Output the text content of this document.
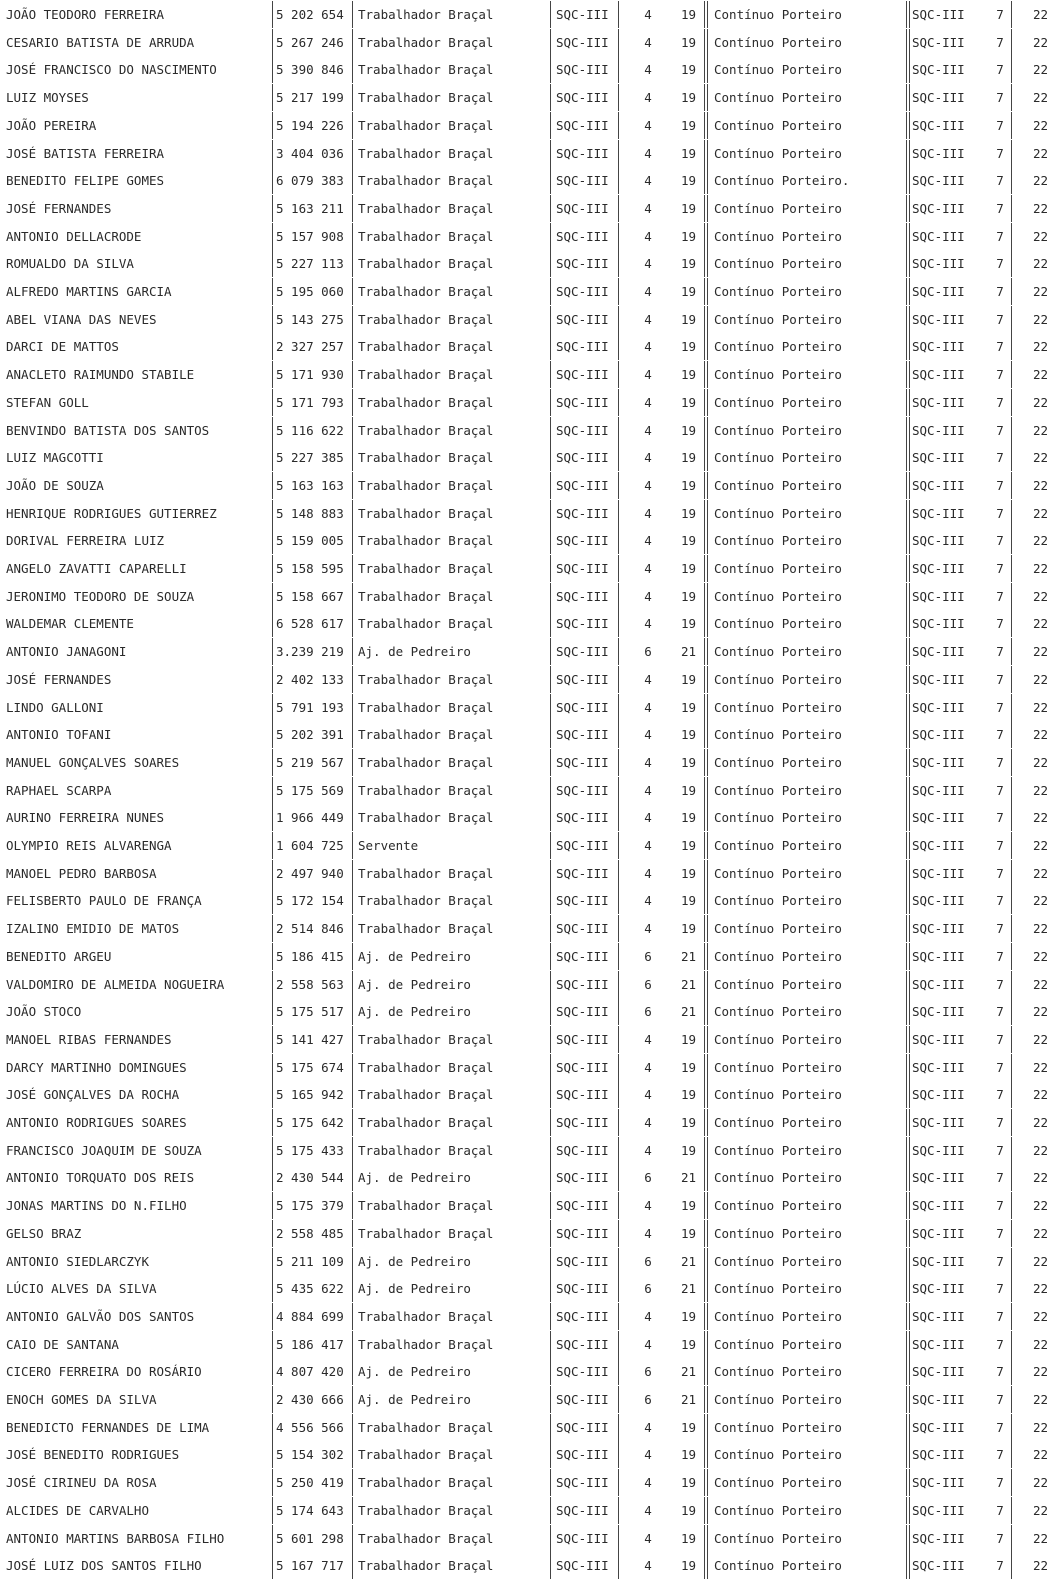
JOÃO TEODORO FERREIRA	5 202 654 Trabalhador Braçal	SQC-III	4	19 Contínuo Porteiro	SQC-III	7	22
CESARIO BATISTA DE ARRUDA	5 267 246 Trabalhador Braçal	SQC-III	4	19 Contínuo Porteiro	SQC-III	7	22
JOSÉ FRANCISCO DO NASCIMENTO	5 390 846 Trabalhador Braçal	SQC-III	4	19 Contínuo Porteiro	SQC-III	7	22
LUIZ MOYSES	5 217 199 Trabalhador Braçal	SQC-III	4	19 Contínuo Porteiro	SQC-III	7	22
JOÃO PEREIRA	5 194 226 Trabalhador Braçal	SQC-III	4	19 Contínuo Porteiro	SQC-III	7	22
JOSÉ BATISTA FERREIRA	3 404 036 Trabalhador Braçal	SQC-III	4	19 Contínuo Porteiro	SQC-III	7	22
BENEDITO FELIPE GOMES	6 079 383 Trabalhador Braçal	SQC-III	4	19 Contínuo Porteiro.	SQC-III	7	22
JOSÉ FERNANDES	5 163 211 Trabalhador Braçal	SQC-III	4	19 Contínuo Porteiro	SQC-III	7	22
ANTONIO DELLACRODE	5 157 908 Trabalhador Braçal	SQC-III	4	19 Contínuo Porteiro	SQC-III	7	22
ROMUALDO DA SILVA	5 227 113 Trabalhador Braçal	SQC-III	4	19 Contínuo Porteiro	SQC-III	7	22
ALFREDO MARTINS GARCIA	5 195 060 Trabalhador Braçal	SQC-III	4	19 Contínuo Porteiro	SQC-III	7	22
ABEL VIANA DAS NEVES	5 143 275 Trabalhador Braçal	SQC-III	4	19 Contínuo Porteiro	SQC-III	7	22
DARCI DE MATTOS	2 327 257 Trabalhador Braçal	SQC-III	4	19 Contínuo Porteiro	SQC-III	7	22
ANACLETO RAIMUNDO STABILE	5 171 930 Trabalhador Braçal	SQC-III	4	19 Contínuo Porteiro	SQC-III	7	22
STEFAN GOLL	5 171 793 Trabalhador Braçal	SQC-III	4	19 Contínuo Porteiro	SQC-III	7	22
BENVINDO BATISTA DOS SANTOS	5 116 622 Trabalhador Braçal	SQC-III	4	19 Contínuo Porteiro	SQC-III	7	22
LUIZ MAGCOTTI	5 227 385 Trabalhador Braçal	SQC-III	4	19 Contínuo Porteiro	SQC-III	7	22
JOÃO DE SOUZA	5 163 163 Trabalhador Braçal	SQC-III	4	19 Contínuo Porteiro	SQC-III	7	22
HENRIQUE RODRIGUES GUTIERREZ	5 148 883 Trabalhador Braçal	SQC-III	4	19 Contínuo Porteiro	SQC-III	7	22
DORIVAL FERREIRA LUIZ	5 159 005 Trabalhador Braçal	SQC-III	4	19 Contínuo Porteiro	SQC-III	7	22
ANGELO ZAVATTI CAPARELLI	5 158 595 Trabalhador Braçal	SQC-III	4	19 Contínuo Porteiro	SQC-III	7	22
JERONIMO TEODORO DE SOUZA	5 158 667 Trabalhador Braçal	SQC-III	4	19 Contínuo Porteiro	SQC-III	7	22
WALDEMAR CLEMENTE	6 528 617 Trabalhador Braçal	SQC-III	4	19 Contínuo Porteiro	SQC-III	7	22
ANTONIO JANAGONI	3.239 219 Aj. de Pedreiro	SQC-III	6	21 Contínuo Porteiro	SQC-III	7	22
JOSÉ FERNANDES	2 402 133 Trabalhador Braçal	SQC-III	4	19 Contínuo Porteiro	SQC-III	7	22
LINDO GALLONI	5 791 193 Trabalhador Braçal	SQC-III	4	19 Contínuo Porteiro	SQC-III	7	22
ANTONIO TOFANI	5 202 391 Trabalhador Braçal	SQC-III	4	19 Contínuo Porteiro	SQC-III	7	22
MANUEL GONÇALVES SOARES	5 219 567 Trabalhador Braçal	SQC-III	4	19 Contínuo Porteiro	SQC-III	7	22
RAPHAEL SCARPA	5 175 569 Trabalhador Braçal	SQC-III	4	19 Contínuo Porteiro	SQC-III	7	22
AURINO FERREIRA NUNES	1 966 449 Trabalhador Braçal	SQC-III	4	19 Contínuo Porteiro	SQC-III	7	22
OLYMPIO REIS ALVARENGA	1 604 725 Servente	SQC-III	4	19 Contínuo Porteiro	SQC-III	7	22
MANOEL PEDRO BARBOSA	2 497 940 Trabalhador Braçal	SQC-III	4	19 Contínuo Porteiro	SQC-III	7	22
FELISBERTO PAULO DE FRANÇA	5 172 154 Trabalhador Braçal	SQC-III	4	19 Contínuo Porteiro	SQC-III	7	22
IZALINO EMIDIO DE MATOS	2 514 846 Trabalhador Braçal	SQC-III	4	19 Contínuo Porteiro	SQC-III	7	22
BENEDITO ARGEU	5 186 415 Aj. de Pedreiro	SQC-III	6	21 Contínuo Porteiro	SQC-III	7	22
VALDOMIRO DE ALMEIDA NOGUEIRA	2 558 563 Aj. de Pedreiro	SQC-III	6	21 Contínuo Porteiro	SQC-III	7	22
JOÃO STOCO	5 175 517 Aj. de Pedreiro	SQC-III	6	21 Contínuo Porteiro	SQC-III	7	22
MANOEL RIBAS FERNANDES	5 141 427 Trabalhador Braçal	SQC-III	4	19 Contínuo Porteiro	SQC-III	7	22
DARCY MARTINHO DOMINGUES	5 175 674 Trabalhador Braçal	SQC-III	4	19 Contínuo Porteiro	SQC-III	7	22
JOSÉ GONÇALVES DA ROCHA	5 165 942 Trabalhador Braçal	SQC-III	4	19 Contínuo Porteiro	SQC-III	7	22
ANTONIO RODRIGUES SOARES	5 175 642 Trabalhador Braçal	SQC-III	4	19 Contínuo Porteiro	SQC-III	7	22
FRANCISCO JOAQUIM DE SOUZA	5 175 433 Trabalhador Braçal	SQC-III	4	19 Contínuo Porteiro	SQC-III	7	22
ANTONIO TORQUATO DOS REIS	2 430 544 Aj. de Pedreiro	SQC-III	6	21 Contínuo Porteiro	SQC-III	7	22
JONAS MARTINS DO N.FILHO	5 175 379 Trabalhador Braçal	SQC-III	4	19 Contínuo Porteiro	SQC-III	7	22
GELSO BRAZ	2 558 485 Trabalhador Braçal	SQC-III	4	19 Contínuo Porteiro	SQC-III	7	22
ANTONIO SIEDLARCZYK	5 211 109 Aj. de Pedreiro	SQC-III	6	21 Contínuo Porteiro	SQC-III	7	22
LÚCIO ALVES DA SILVA	5 435 622 Aj. de Pedreiro	SQC-III	6	21 Contínuo Porteiro	SQC-III	7	22
ANTONIO GALVÃO DOS SANTOS	4 884 699 Trabalhador Braçal	SQC-III	4	19 Contínuo Porteiro	SQC-III	7	22
CAIO DE SANTANA	5 186 417 Trabalhador Braçal	SQC-III	4	19 Contínuo Porteiro	SQC-III	7	22
CICERO FERREIRA DO ROSÁRIO	4 807 420 Aj. de Pedreiro	SQC-III	6	21 Contínuo Porteiro	SQC-III	7	22
ENOCH GOMES DA SILVA	2 430 666 Aj. de Pedreiro	SQC-III	6	21 Contínuo Porteiro	SQC-III	7	22
BENEDICTO FERNANDES DE LIMA	4 556 566 Trabalhador Braçal	SQC-III	4	19 Contínuo Porteiro	SQC-III	7	22
JOSÉ BENEDITO RODRIGUES	5 154 302 Trabalhador Braçal	SQC-III	4	19 Contínuo Porteiro	SQC-III	7	22
JOSÉ CIRINEU DA ROSA	5 250 419 Trabalhador Braçal	SQC-III	4	19 Contínuo Porteiro	SQC-III	7	22
ALCIDES DE CARVALHO	5 174 643 Trabalhador Braçal	SQC-III	4	19 Contínuo Porteiro	SQC-III	7	22
ANTONIO MARTINS BARBOSA FILHO	5 601 298 Trabalhador Braçal	SQC-III	4	19 Contínuo Porteiro	SQC-III	7	22
JOSÉ LUIZ DOS SANTOS FILHO	5 167 717 Trabalhador Braçal	SQC-III	4	19 Contínuo Porteiro	SQC-III	7	22
